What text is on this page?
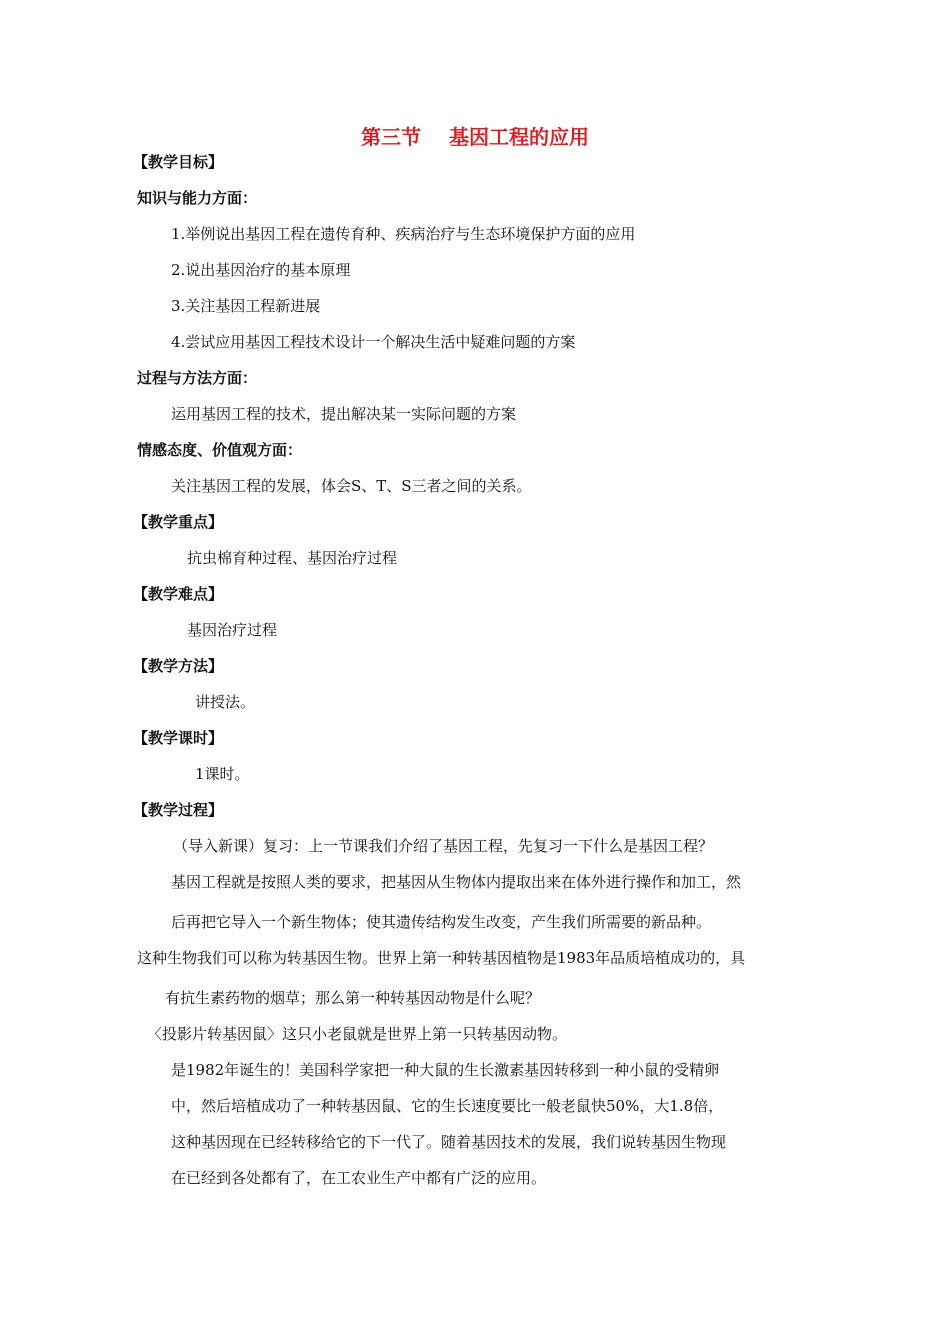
第三节 基因工程的应用
【教学目标】
知识与能力方面：
1.举例说出基因工程在遗传育种、疾病治疗与生态环境保护方面的应用
2.说出基因治疗的基本原理
3.关注基因工程新进展
4.尝试应用基因工程技术设计一个解决生活中疑难问题的方案
过程与方法方面：
运用基因工程的技术，提出解决某一实际问题的方案
情感态度、价值观方面：
关注基因工程的发展，体会S、T、S三者之间的关系。
【教学重点】
抗虫棉育种过程、基因治疗过程
【教学难点】
基因治疗过程
【教学方法】
讲授法。
【教学课时】
1课时。
【教学过程】
（导入新课）复习：上一节课我们介绍了基因工程，先复习一下什么是基因工程？
基因工程就是按照人类的要求，把基因从生物体内提取出来在体外进行操作和加工，然
后再把它导入一个新生物体；使其遗传结构发生改变，产生我们所需要的新品种。
这种生物我们可以称为转基因生物。世界上第一种转基因植物是1983年品质培植成功的，具
有抗生素药物的烟草；那么第一种转基因动物是什么呢？
〈投影片转基因鼠〉这只小老鼠就是世界上第一只转基因动物。
是1982年诞生的！美国科学家把一种大鼠的生长激素基因转移到一种小鼠的受精卵
中，然后培植成功了一种转基因鼠、它的生长速度要比一般老鼠快50%，大1.8倍，
这种基因现在已经转移给它的下一代了。随着基因技术的发展，我们说转基因生物现
在已经到各处都有了，在工农业生产中都有广泛的应用。
